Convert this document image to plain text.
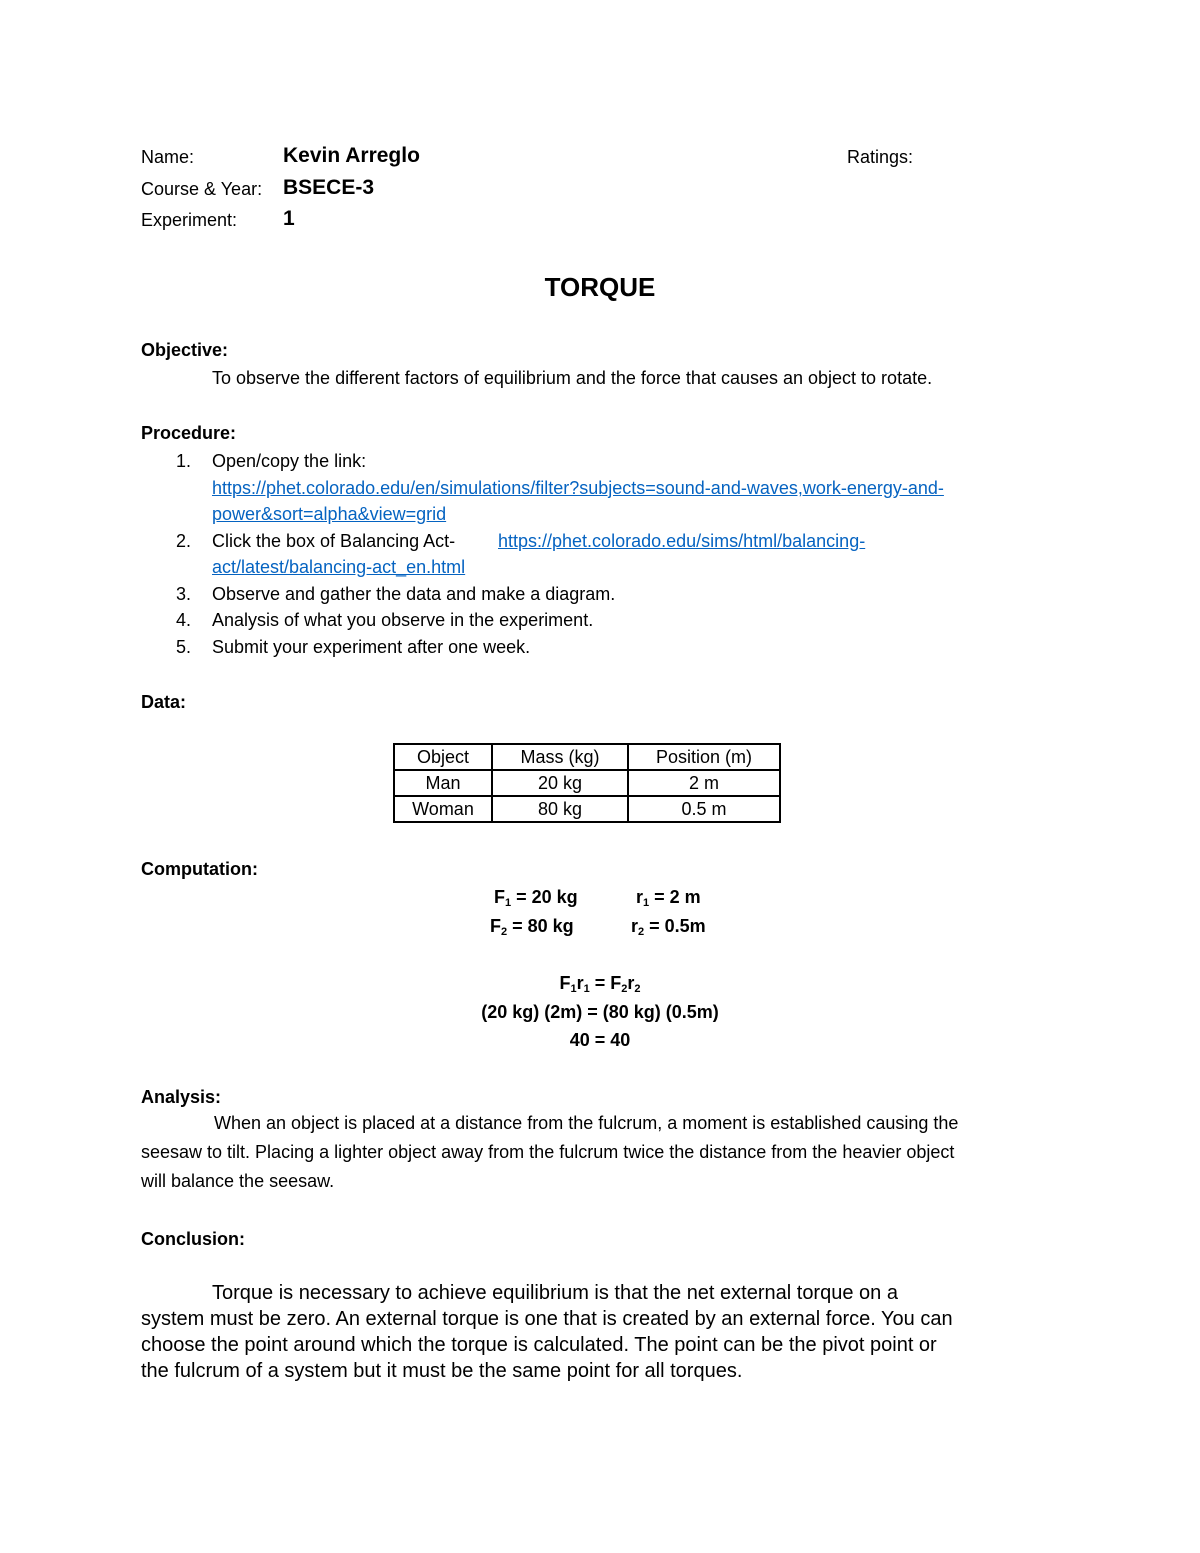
Name:	Kevin Arreglo	Ratings:
Course & Year: BSECE-3
Experiment: 1
TORQUE
Objective:
To observe the different factors of equilibrium and the force that causes an object to rotate.
Procedure:
1. Open/copy the link:
https://phet.colorado.edu/en/simulations/filter?subjects=sound-and-waves,work-energy-and-
power&sort=alpha&view=grid
2. Click the box of Balancing Act- https://phet.colorado.edu/sims/html/balancing-
act/latest/balancing-act_en.html
3. Observe and gather the data and make a diagram.
4. Analysis of what you observe in the experiment.
5. Submit your experiment after one week.
Data:
Object	Mass (kg)	Position (m)
Man	20 kg	2 m
Woman	80 kg	0.5 m
Computation:
$F_1 = 20$ kg	$r_1 = 2$ m
$F_2 = 80$ kg	$r_2 = 0.5m$
$F_1r_1 = F_2r_2$
(20 kg) (2m) = (80 kg) (0.5m)
40 = 40
Analysis:
When an object is placed at a distance from the fulcrum, a moment is established causing the
seesaw to tilt. Placing a lighter object away from the fulcrum twice the distance from the heavier object
will balance the seesaw.
Conclusion:
Torque is necessary to achieve equilibrium is that the net external torque on a
system must be zero. An external torque is one that is created by an external force. You can
choose the point around which the torque is calculated. The point can be the pivot point or
the fulcrum of a system but it must be the same point for all torques.
